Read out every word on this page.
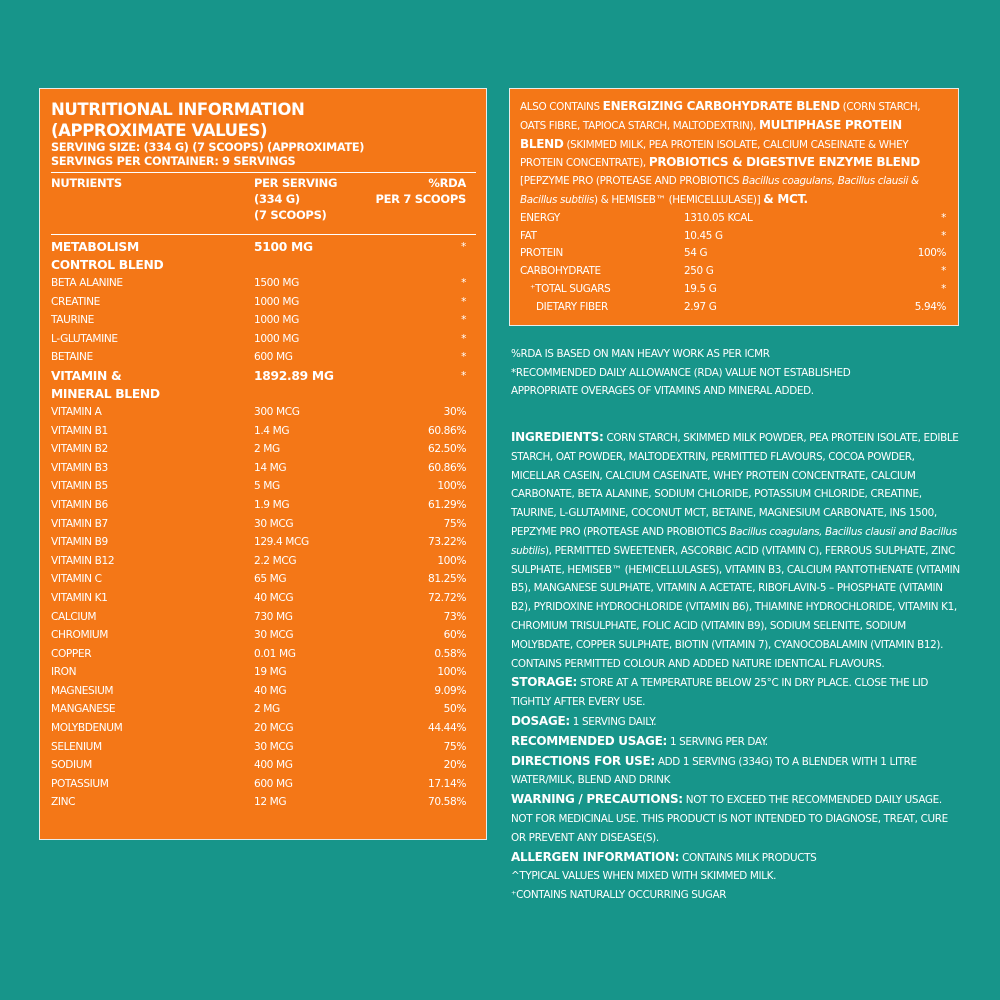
NUTRITIONAL INFORMATION
(APPROXIMATE VALUES)
SERVING SIZE: (334 G) (7 SCOOPS) (APPROXIMATE)
SERVINGS PER CONTAINER: 9 SERVINGS
NUTRIENTS	PER SERVING
(334 G)
(7 SCOOPS)
%RDA
PER 7 SCOOPS
METABOLISM
CONTROL BLEND
5100 MG	*
BETA ALANINE	1500 MG	*
CREATINE	1000 MG	*
TAURINE	1000 MG	*
L-GLUTAMINE	1000 MG	*
BETAINE	600 MG	*
VITAMIN &
MINERAL BLEND
1892.89 MG	*
VITAMIN A	300 MCG	30%
VITAMIN B1	1.4 MG	60.86%
VITAMIN B2	2 MG	62.50%
VITAMIN B3	14 MG	60.86%
VITAMIN B5	5 MG	100%
VITAMIN B6	1.9 MG	61.29%
VITAMIN B7	30 MCG	75%
VITAMIN B9	129.4 MCG	73.22%
VITAMIN B12	2.2 MCG	100%
VITAMIN C	65 MG	81.25%
VITAMIN K1	40 MCG	72.72%
CALCIUM	730 MG	73%
CHROMIUM	30 MCG	60%
COPPER	0.01 MG	0.58%
IRON	19 MG	100%
MAGNESIUM	40 MG	9.09%
MANGANESE	2 MG	50%
MOLYBDENUM	20 MCG	44.44%
SELENIUM	30 MCG	75%
SODIUM	400 MG	20%
POTASSIUM	600 MG	17.14%
ZINC	12 MG	70.58%
ALSO CONTAINS ENERGIZING CARBOHYDRATE BLEND (CORN STARCH, OATS FIBRE, TAPIOCA STARCH, MALTODEXTRIN), MULTIPHASE PROTEIN BLEND (SKIMMED MILK, PEA PROTEIN ISOLATE, CALCIUM CASEINATE & WHEY PROTEIN CONCENTRATE), PROBIOTICS & DIGESTIVE ENZYME BLEND [PEPZYME PRO (PROTEASE AND PROBIOTICS Bacillus coagulans, Bacillus clausii & Bacillus subtilis) & HEMISEB™ (HEMICELLULASE)] & MCT.
ENERGY	1310.05 KCAL	*
FAT	10.45 G	*
PROTEIN	54 G	100%
CARBOHYDRATE	250 G	*
⁺TOTAL SUGARS	19.5 G	*
DIETARY FIBER	2.97 G	5.94%
%RDA IS BASED ON MAN HEAVY WORK AS PER ICMR
*RECOMMENDED DAILY ALLOWANCE (RDA) VALUE NOT ESTABLISHED
APPROPRIATE OVERAGES OF VITAMINS AND MINERAL ADDED.

INGREDIENTS: CORN STARCH, SKIMMED MILK POWDER, PEA PROTEIN ISOLATE, EDIBLE STARCH, OAT POWDER, MALTODEXTRIN, PERMITTED FLAVOURS, COCOA POWDER, MICELLAR CASEIN, CALCIUM CASEINATE, WHEY PROTEIN CONCENTRATE, CALCIUM CARBONATE, BETA ALANINE, SODIUM CHLORIDE, POTASSIUM CHLORIDE, CREATINE, TAURINE, L-GLUTAMINE, COCONUT MCT, BETAINE, MAGNESIUM CARBONATE, INS 1500, PEPZYME PRO (PROTEASE AND PROBIOTICS Bacillus coagulans, Bacillus clausii and Bacillus subtilis), PERMITTED SWEETENER, ASCORBIC ACID (VITAMIN C), FERROUS SULPHATE, ZINC SULPHATE, HEMISEB™ (HEMICELLULASES), VITAMIN B3, CALCIUM PANTOTHENATE (VITAMIN B5), MANGANESE SULPHATE, VITAMIN A ACETATE, RIBOFLAVIN-5 – PHOSPHATE (VITAMIN B2), PYRIDOXINE HYDROCHLORIDE (VITAMIN B6), THIAMINE HYDROCHLORIDE, VITAMIN K1, CHROMIUM TRISULPHATE, FOLIC ACID (VITAMIN B9), SODIUM SELENITE, SODIUM MOLYBDATE, COPPER SULPHATE, BIOTIN (VITAMIN 7), CYANOCOBALAMIN (VITAMIN B12).

CONTAINS PERMITTED COLOUR AND ADDED NATURE IDENTICAL FLAVOURS.

STORAGE: STORE AT A TEMPERATURE BELOW 25°C IN DRY PLACE. CLOSE THE LID TIGHTLY AFTER EVERY USE.

DOSAGE: 1 SERVING DAILY.

RECOMMENDED USAGE: 1 SERVING PER DAY.

DIRECTIONS FOR USE: ADD 1 SERVING (334G) TO A BLENDER WITH 1 LITRE WATER/MILK, BLEND AND DRINK

WARNING / PRECAUTIONS: NOT TO EXCEED THE RECOMMENDED DAILY USAGE. NOT FOR MEDICINAL USE. THIS PRODUCT IS NOT INTENDED TO DIAGNOSE, TREAT, CURE OR PREVENT ANY DISEASE(S).

ALLERGEN INFORMATION: CONTAINS MILK PRODUCTS

^TYPICAL VALUES WHEN MIXED WITH SKIMMED MILK.

⁺CONTAINS NATURALLY OCCURRING SUGAR
